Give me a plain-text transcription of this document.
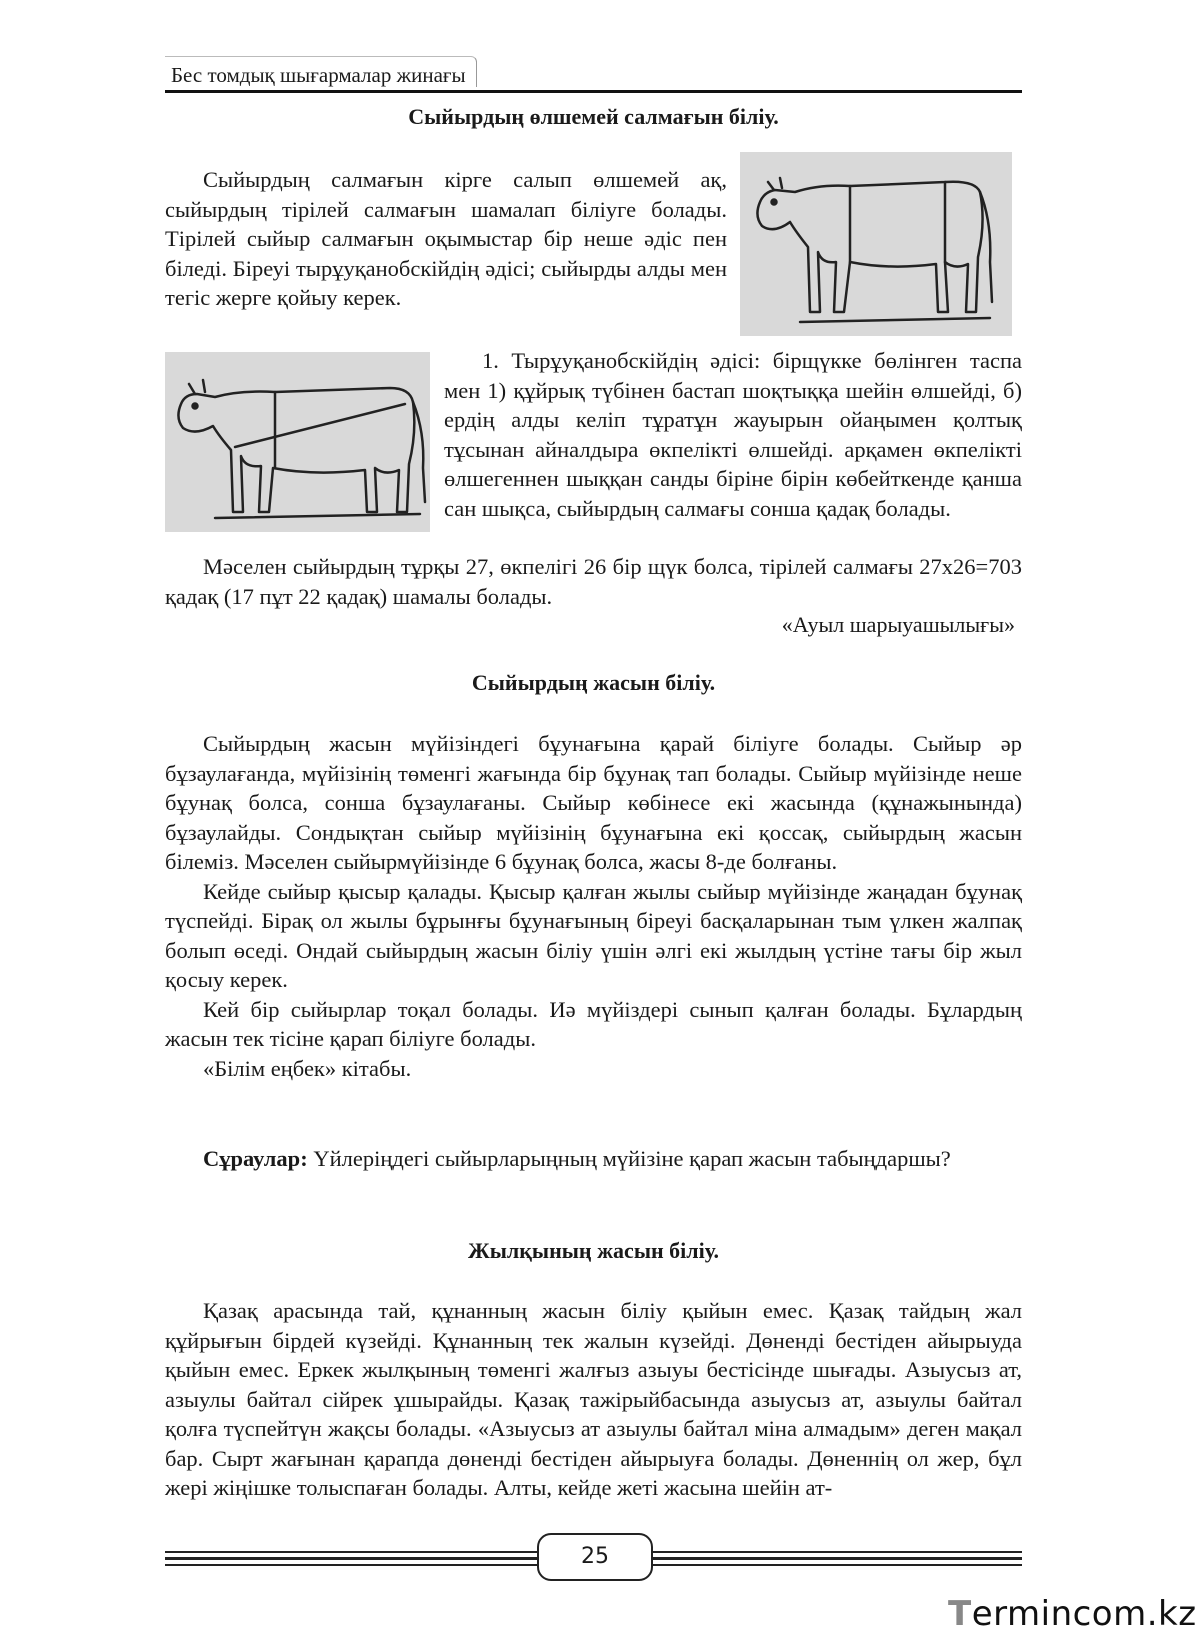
Бес томдық шығармалар жинағы
Сыйырдың өлшемей салмағын біліу.

Сыйырдың салмағын кірге салып өлшемей ақ, сыйырдың тірілей салмағын шамалап біліуге болады. Тірілей сыйыр салмағын оқымыстар бір неше әдіс пен біледі. Біреуі тырұуқанобскійдің әдісі; сыйырды алды мен тегіс жерге қойыу керек.

1. Тырұуқанобскійдің әдісі: бірщүкке бөлінген таспа мен 1) құйрық түбінен бастап шоқтыққа шейін өлшейді, б) ердің алды келіп тұратұн жауырын ойаңымен қолтық тұсынан айналдыра өкпелікті өлшейді. арқамен өкпелікті өлшегеннен шыққан санды біріне бірін көбейткенде қанша сан шықса, сыйырдың салмағы сонша қадақ болады.

Мәселен сыйырдың тұрқы 27, өкпелігі 26 бір щүк болса, тірілей салмағы 27x26=703 қадақ (17 пұт 22 қадақ) шамалы болады.

«Ауыл шарыуашылығы»
Сыйырдың жасын біліу.

Сыйырдың жасын мүйізіндегі бұунағына қарай біліуге болады. Сыйыр әр бұзаулағанда, мүйізінің төменгі жағында бір бұунақ тап болады. Сыйыр мүйізінде неше бұунақ болса, сонша бұзаулағаны. Сыйыр көбінесе екі жасында (құнажынында) бұзаулайды. Сондықтан сыйыр мүйізінің бұунағына екі қоссақ, сыйырдың жасын білеміз. Мәселен сыйырмүйізінде 6 бұунақ болса, жасы 8-де болғаны.

Кейде сыйыр қысыр қалады. Қысыр қалған жылы сыйыр мүйізінде жаңадан бұунақ түспейді. Бірақ ол жылы бұрынғы бұунағының біреуі басқаларынан тым үлкен жалпақ болып өседі. Ондай сыйырдың жасын біліу үшін әлгі екі жылдың үстіне тағы бір жыл қосыу керек.

Кей бір сыйырлар тоқал болады. Иә мүйіздері сынып қалған болады. Бұлардың жасын тек тісіне қарап біліуге болады.

«Білім еңбек» кітабы.

Сұраулар: Үйлеріңдегі сыйырларыңның мүйізіне қарап жасын табыңдаршы?

Жылқының жасын біліу.

Қазақ арасында тай, құнанның жасын біліу қыйын емес. Қазақ тайдың жал құйрығын бірдей күзейді. Құнанның тек жалын күзейді. Дөненді бестіден айырыуда қыйын емес. Еркек жылқының төменгі жалғыз азыуы бестісінде шығады. Азыусыз ат, азыулы байтал сійрек ұшырайды. Қазақ тажірыйбасында азыусыз ат, азыулы байтал қолға түспейтүн жақсы болады. «Азыусыз ат азыулы байтал міна алмадым» деген мақал бар. Сырт жағынан қарапда дөненді бестіден айырыуға болады. Дөненнің ол жер, бұл жері жіңішке толыспаған болады. Алты, кейде жеті жасына шейін ат-

25
Termincom.kz
